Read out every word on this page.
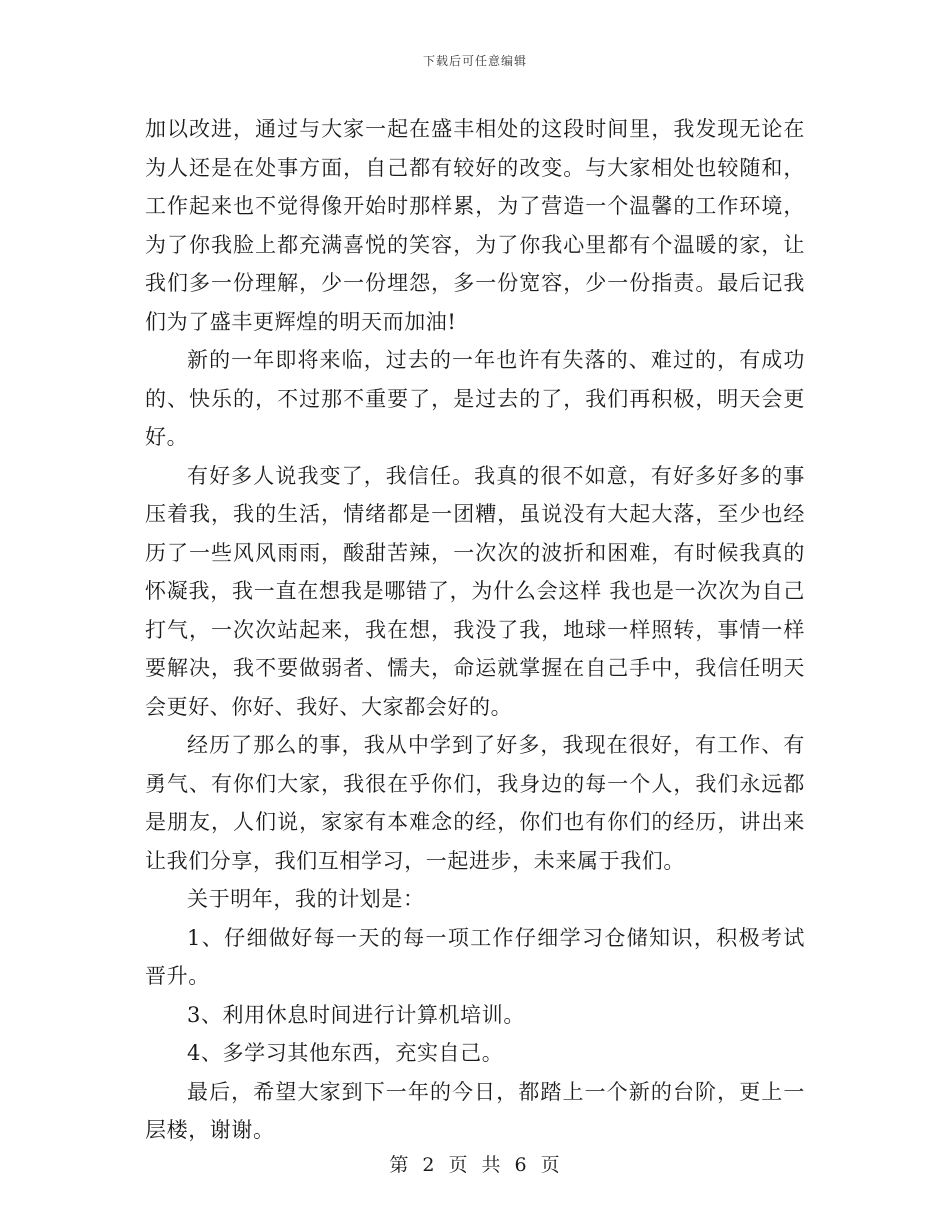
下载后可任意编辑

加以改进，通过与大家一起在盛丰相处的这段时间里，我发现无论在为人还是在处事方面，自己都有较好的改变。与大家相处也较随和，工作起来也不觉得像开始时那样累，为了营造一个温馨的工作环境，为了你我脸上都充满喜悦的笑容，为了你我心里都有个温暖的家，让我们多一份理解，少一份埋怨，多一份宽容，少一份指责。最后记我们为了盛丰更辉煌的明天而加油!

新的一年即将来临，过去的一年也许有失落的、难过的，有成功的、快乐的，不过那不重要了，是过去的了，我们再积极，明天会更好。

有好多人说我变了，我信任。我真的很不如意，有好多好多的事压着我，我的生活，情绪都是一团糟，虽说没有大起大落，至少也经历了一些风风雨雨，酸甜苦辣，一次次的波折和困难，有时候我真的怀凝我，我一直在想我是哪错了，为什么会这样 我也是一次次为自己打气，一次次站起来，我在想，我没了我，地球一样照转，事情一样要解决，我不要做弱者、懦夫，命运就掌握在自己手中，我信任明天会更好、你好、我好、大家都会好的。

经历了那么的事，我从中学到了好多，我现在很好，有工作、有勇气、有你们大家，我很在乎你们，我身边的每一个人，我们永远都是朋友，人们说，家家有本难念的经，你们也有你们的经历，讲出来让我们分享，我们互相学习，一起进步，未来属于我们。

关于明年，我的计划是：

1、仔细做好每一天的每一项工作仔细学习仓储知识，积极考试晋升。

3、利用休息时间进行计算机培训。

4、多学习其他东西，充实自己。

最后，希望大家到下一年的今日，都踏上一个新的台阶，更上一层楼，谢谢。

第 2 页 共 6 页
